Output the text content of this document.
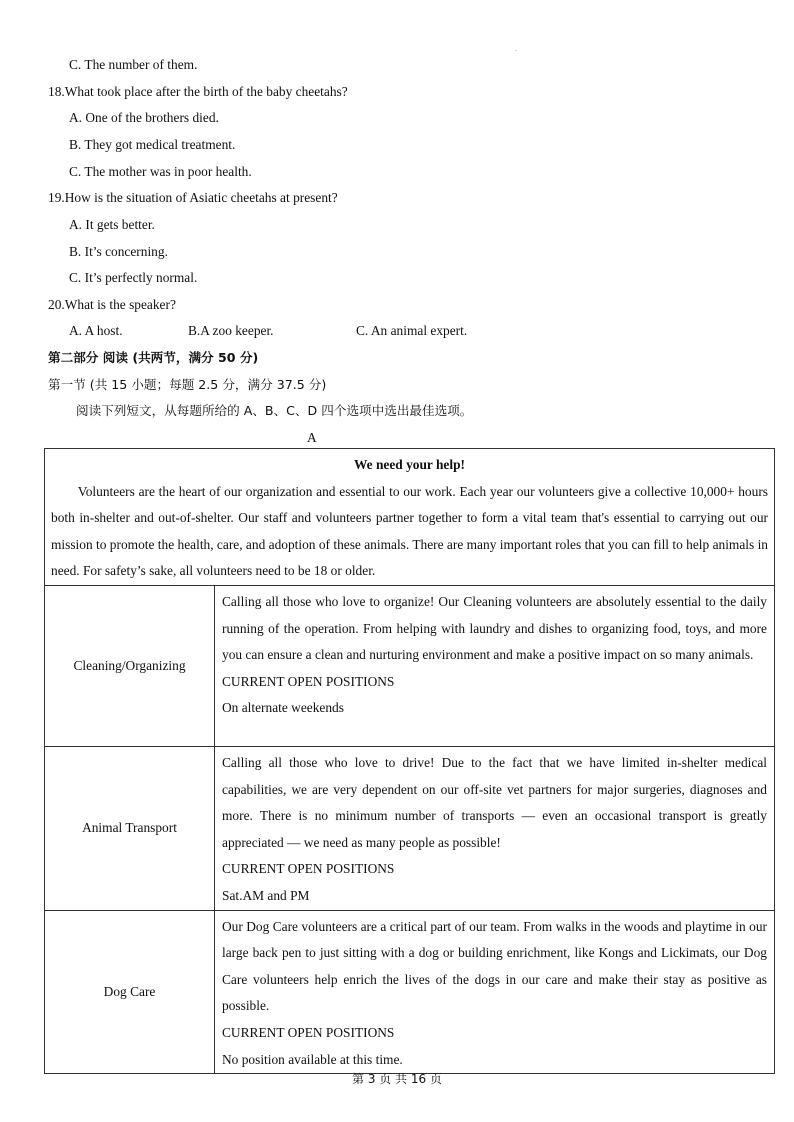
.
C. The number of them.
18.What took place after the birth of the baby cheetahs?
A. One of the brothers died.
B. They got medical treatment.
C. The mother was in poor health.
19.How is the situation of Asiatic cheetahs at present?
A. It gets better.
B. It’s concerning.
C. It’s perfectly normal.
20.What is the speaker?
A. A host.	B.A zoo keeper.	C. An animal expert.
第二部分 阅读 (共两节，满分 50 分)
第一节 (共 15 小题；每题 2.5 分，满分 37.5 分)
阅读下列短文，从每题所给的 A、B、C、D 四个选项中选出最佳选项。
A
We need your help!
Volunteers are the heart of our organization and essential to our work. Each year our volunteers give a collective 10,000+ hours both in-shelter and out-of-shelter. Our staff and volunteers partner together to form a vital team that's essential to carrying out our mission to promote the health, care, and adoption of these animals. There are many important roles that you can fill to help animals in need. For safety’s sake, all volunteers need to be 18 or older.	

Cleaning/Organizing	Calling all those who love to organize! Our Cleaning volunteers are absolutely essential to the daily running of the operation. From helping with laundry and dishes to organizing food, toys, and more you can ensure a clean and nurturing environment and make a positive impact on so many animals.
CURRENT OPEN POSITIONS
On alternate weekends

Animal Transport	Calling all those who love to drive! Due to the fact that we have limited in-shelter medical capabilities, we are very dependent on our off-site vet partners for major surgeries, diagnoses and more. There is no minimum number of transports — even an occasional transport is greatly appreciated — we need as many people as possible!
CURRENT OPEN POSITIONS
Sat.AM and PM

Dog Care	Our Dog Care volunteers are a critical part of our team. From walks in the woods and playtime in our large back pen to just sitting with a dog or building enrichment, like Kongs and Lickimats, our Dog Care volunteers help enrich the lives of the dogs in our care and make their stay as positive as possible.
CURRENT OPEN POSITIONS
No position available at this time.
第 3 页 共 16 页
